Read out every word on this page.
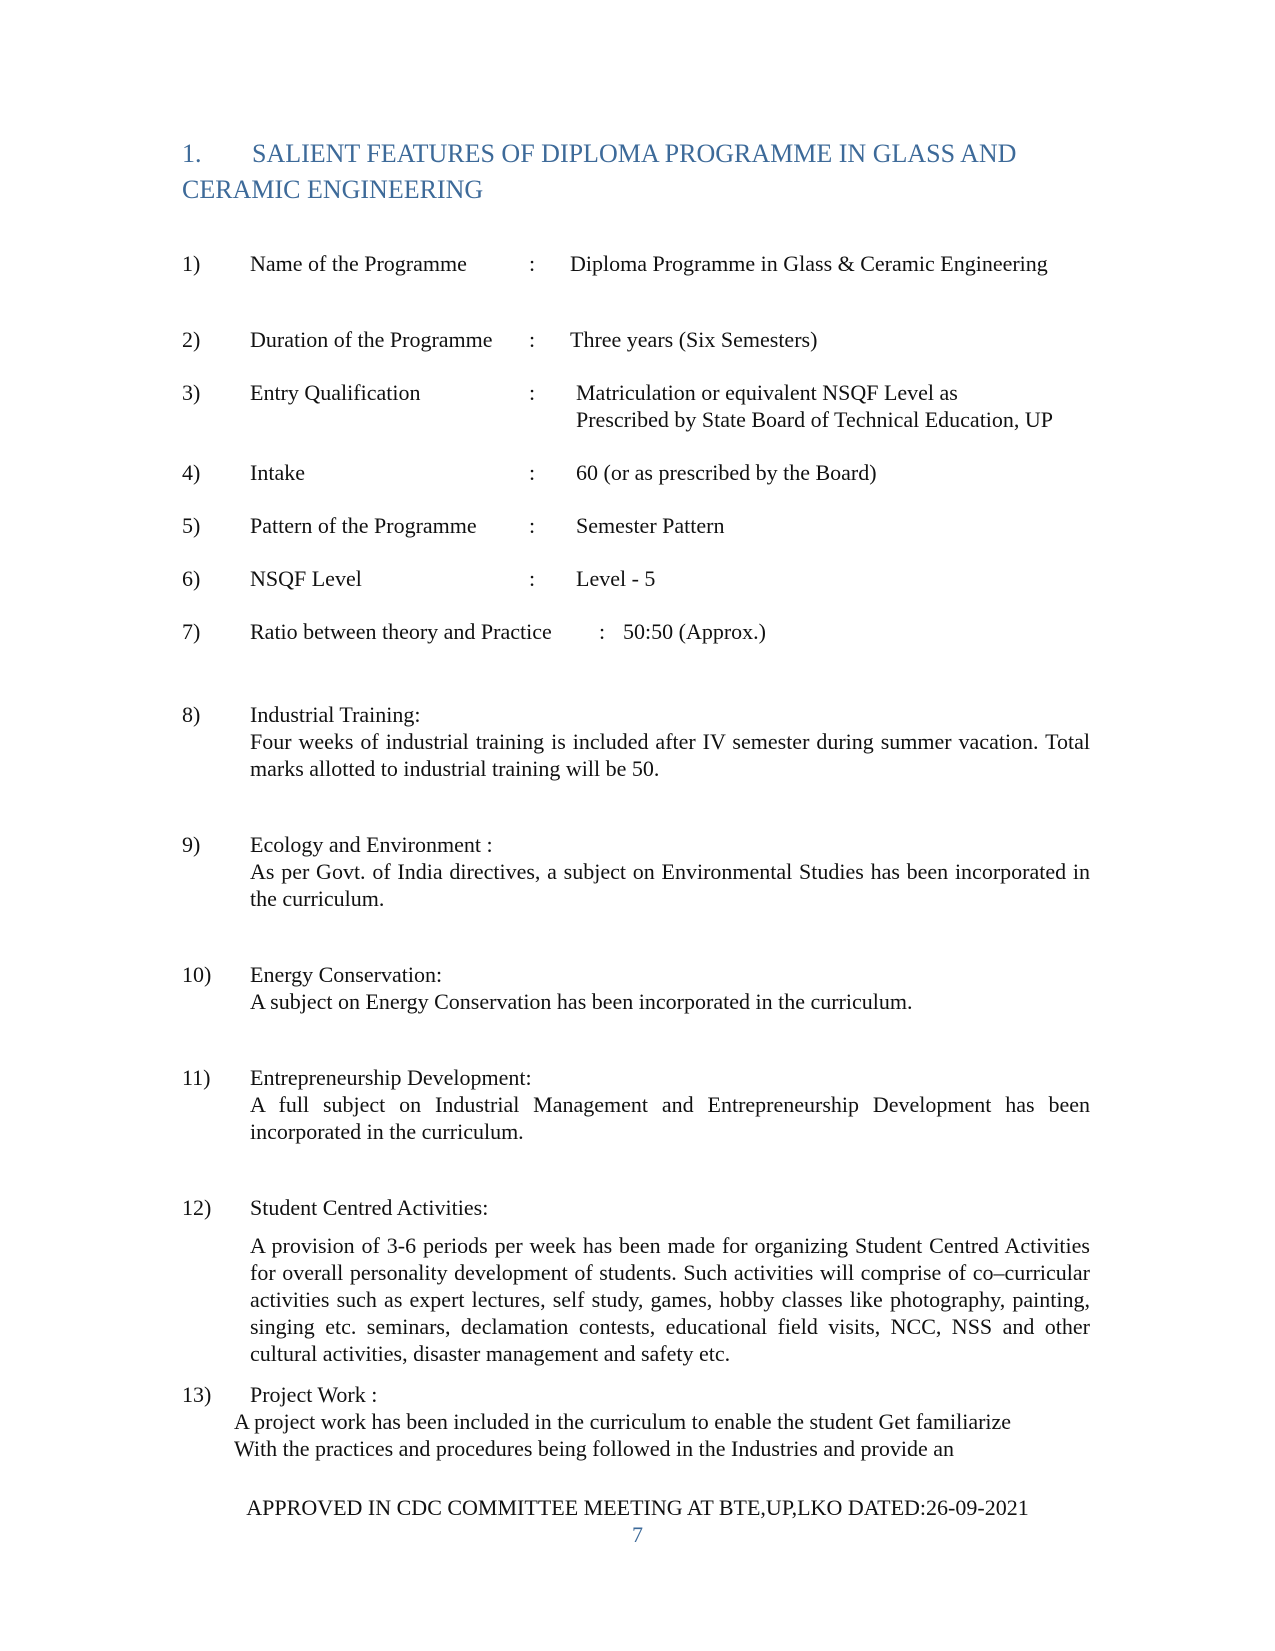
1. SALIENT FEATURES OF DIPLOMA PROGRAMME IN GLASS AND
CERAMIC ENGINEERING
1) Name of the Programme	: Diploma Programme in Glass & Ceramic Engineering
2) Duration of the Programme : Three years (Six Semesters)
3) Entry Qualification	: Matriculation or equivalent NSQF Level as
Prescribed by State Board of Technical Education, UP
4) Intake	: 60 (or as prescribed by the Board)
5) Pattern of the Programme : Semester Pattern
6) NSQF Level	: Level - 5
7) Ratio between theory and Practice : 50:50 (Approx.)
8) Industrial Training:

Four weeks of industrial training is included after IV semester during summer vacation. Total marks allotted to industrial training will be 50.

9) Ecology and Environment :

As per Govt. of India directives, a subject on Environmental Studies has been incorporated in the curriculum.

10) Energy Conservation:

A subject on Energy Conservation has been incorporated in the curriculum.

11) Entrepreneurship Development:

A full subject on Industrial Management and Entrepreneurship Development has been incorporated in the curriculum.

12) Student Centred Activities:

A provision of 3-6 periods per week has been made for organizing Student Centred Activities for overall personality development of students. Such activities will comprise of co–curricular activities such as expert lectures, self study, games, hobby classes like photography, painting, singing etc. seminars, declamation contests, educational field visits, NCC, NSS and other cultural activities, disaster management and safety etc.

13) Project Work :
A project work has been included in the curriculum to enable the student Get familiarize
With the practices and procedures being followed in the Industries and provide an
APPROVED IN CDC COMMITTEE MEETING AT BTE,UP,LKO DATED:26-09-2021
7
